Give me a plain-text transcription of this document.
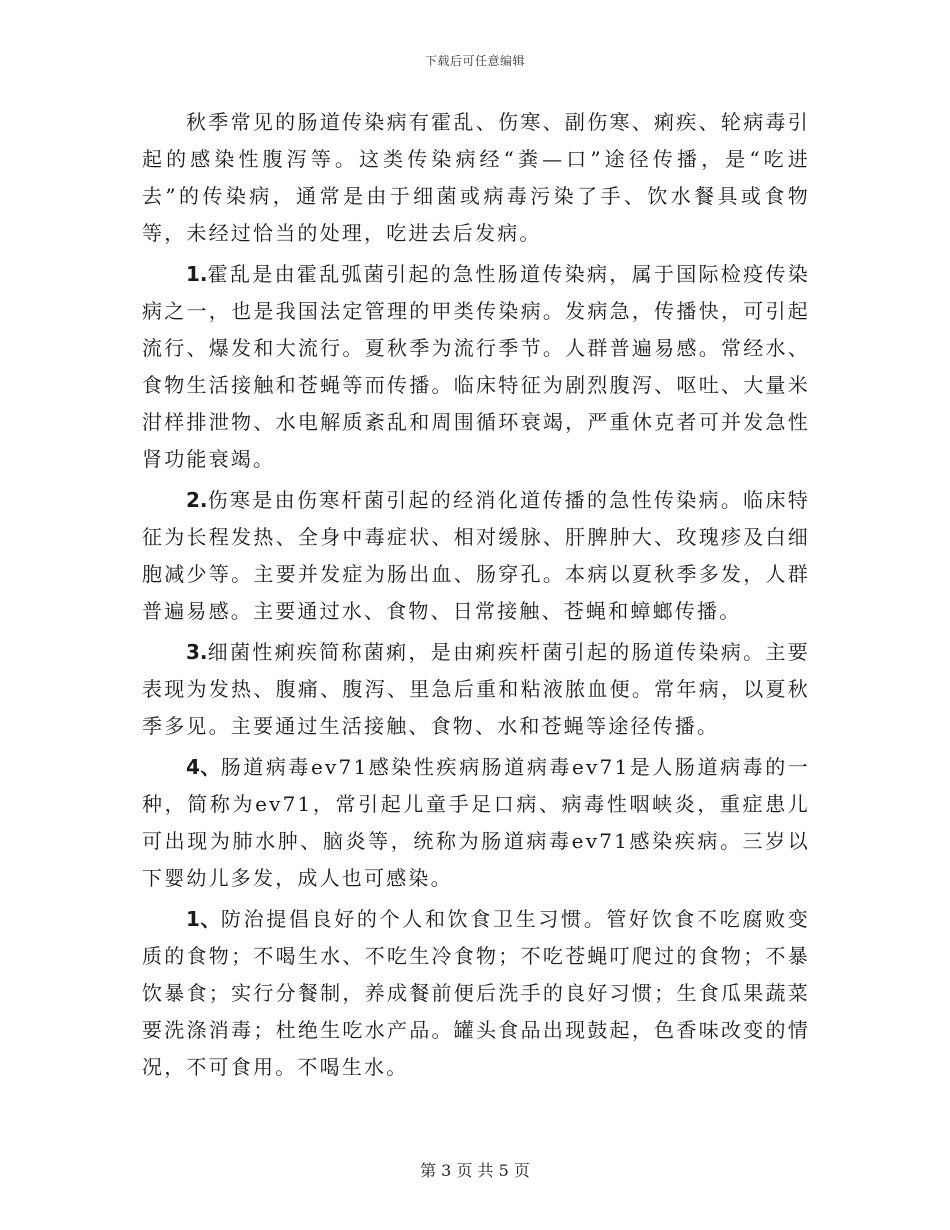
下载后可任意编辑

秋季常见的肠道传染病有霍乱、伤寒、副伤寒、痢疾、轮病毒引起的感染性腹泻等。这类传染病经“粪—口”途径传播，是“吃进去”的传染病，通常是由于细菌或病毒污染了手、饮水餐具或食物等，未经过恰当的处理，吃进去后发病。

1.霍乱是由霍乱弧菌引起的急性肠道传染病，属于国际检疫传染病之一，也是我国法定管理的甲类传染病。发病急，传播快，可引起流行、爆发和大流行。夏秋季为流行季节。人群普遍易感。常经水、食物生活接触和苍蝇等而传播。临床特征为剧烈腹泻、呕吐、大量米泔样排泄物、水电解质紊乱和周围循环衰竭，严重休克者可并发急性肾功能衰竭。

2.伤寒是由伤寒杆菌引起的经消化道传播的急性传染病。临床特征为长程发热、全身中毒症状、相对缓脉、肝脾肿大、玫瑰疹及白细胞减少等。主要并发症为肠出血、肠穿孔。本病以夏秋季多发，人群普遍易感。主要通过水、食物、日常接触、苍蝇和蟑螂传播。

3.细菌性痢疾简称菌痢，是由痢疾杆菌引起的肠道传染病。主要表现为发热、腹痛、腹泻、里急后重和粘液脓血便。常年病，以夏秋季多见。主要通过生活接触、食物、水和苍蝇等途径传播。

4、肠道病毒ev71感染性疾病肠道病毒ev71是人肠道病毒的一种，简称为ev71，常引起儿童手足口病、病毒性咽峡炎，重症患儿可出现为肺水肿、脑炎等，统称为肠道病毒ev71感染疾病。三岁以下婴幼儿多发，成人也可感染。

1、防治提倡良好的个人和饮食卫生习惯。管好饮食不吃腐败变质的食物；不喝生水、不吃生冷食物；不吃苍蝇叮爬过的食物；不暴饮暴食；实行分餐制，养成餐前便后洗手的良好习惯；生食瓜果蔬菜要洗涤消毒；杜绝生吃水产品。罐头食品出现鼓起，色香味改变的情况，不可食用。不喝生水。

第 3 页 共 5 页
